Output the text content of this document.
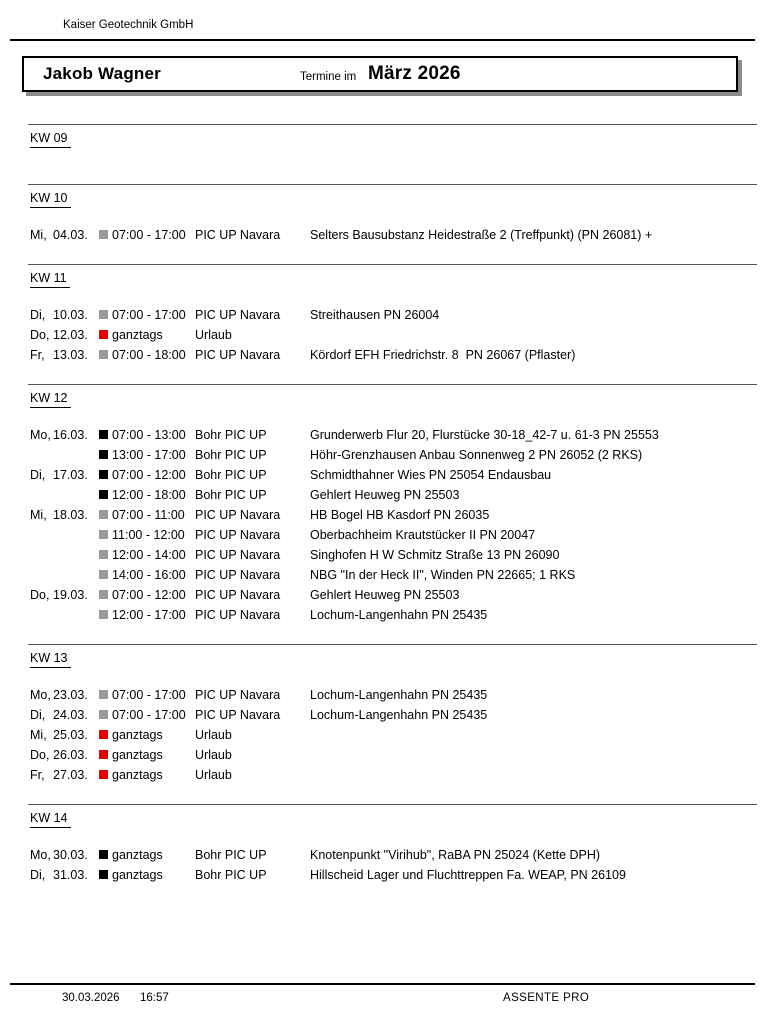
Kaiser Geotechnik GmbH
Jakob Wagner	Termine im März 2026
KW 09
KW 10
Mi, 04.03.	07:00 - 17:00 PIC UP Navara	Selters Bausubstanz Heidestraße 2 (Treffpunkt) (PN 26081) +
KW 11
Di, 10.03.	07:00 - 17:00 PIC UP Navara	Streithausen PN 26004
Do, 12.03.	ganztags	Urlaub
Fr, 13.03.	07:00 - 18:00 PIC UP Navara	Kördorf EFH Friedrichstr. 8  PN 26067 (Pflaster)
KW 12
Mo, 16.03.	07:00 - 13:00 Bohr PIC UP	Grunderwerb Flur 20, Flurstücke 30-18_42-7 u. 61-3 PN 25553
13:00 - 17:00 Bohr PIC UP	Höhr-Grenzhausen Anbau Sonnenweg 2 PN 26052 (2 RKS)
Di, 17.03.	07:00 - 12:00 Bohr PIC UP	Schmidthahner Wies PN 25054 Endausbau
12:00 - 18:00 Bohr PIC UP	Gehlert Heuweg PN 25503
Mi, 18.03.	07:00 - 11:00 PIC UP Navara	HB Bogel HB Kasdorf PN 26035
11:00 - 12:00 PIC UP Navara	Oberbachheim Krautstücker II PN 20047
12:00 - 14:00 PIC UP Navara	Singhofen H W Schmitz Straße 13 PN 26090
14:00 - 16:00 PIC UP Navara	NBG "In der Heck II", Winden PN 22665; 1 RKS
Do, 19.03.	07:00 - 12:00 PIC UP Navara	Gehlert Heuweg PN 25503
12:00 - 17:00 PIC UP Navara	Lochum-Langenhahn PN 25435
KW 13
Mo, 23.03.	07:00 - 17:00 PIC UP Navara	Lochum-Langenhahn PN 25435
Di, 24.03.	07:00 - 17:00 PIC UP Navara	Lochum-Langenhahn PN 25435
Mi, 25.03.	ganztags	Urlaub
Do, 26.03.	ganztags	Urlaub
Fr, 27.03.	ganztags	Urlaub
KW 14
Mo, 30.03.	ganztags	Bohr PIC UP	Knotenpunkt "Virihub", RaBA PN 25024 (Kette DPH)
Di, 31.03.	ganztags	Bohr PIC UP	Hillscheid Lager und Fluchttreppen Fa. WEAP, PN 26109
30.03.2026 16:57	ASSENTE PRO
